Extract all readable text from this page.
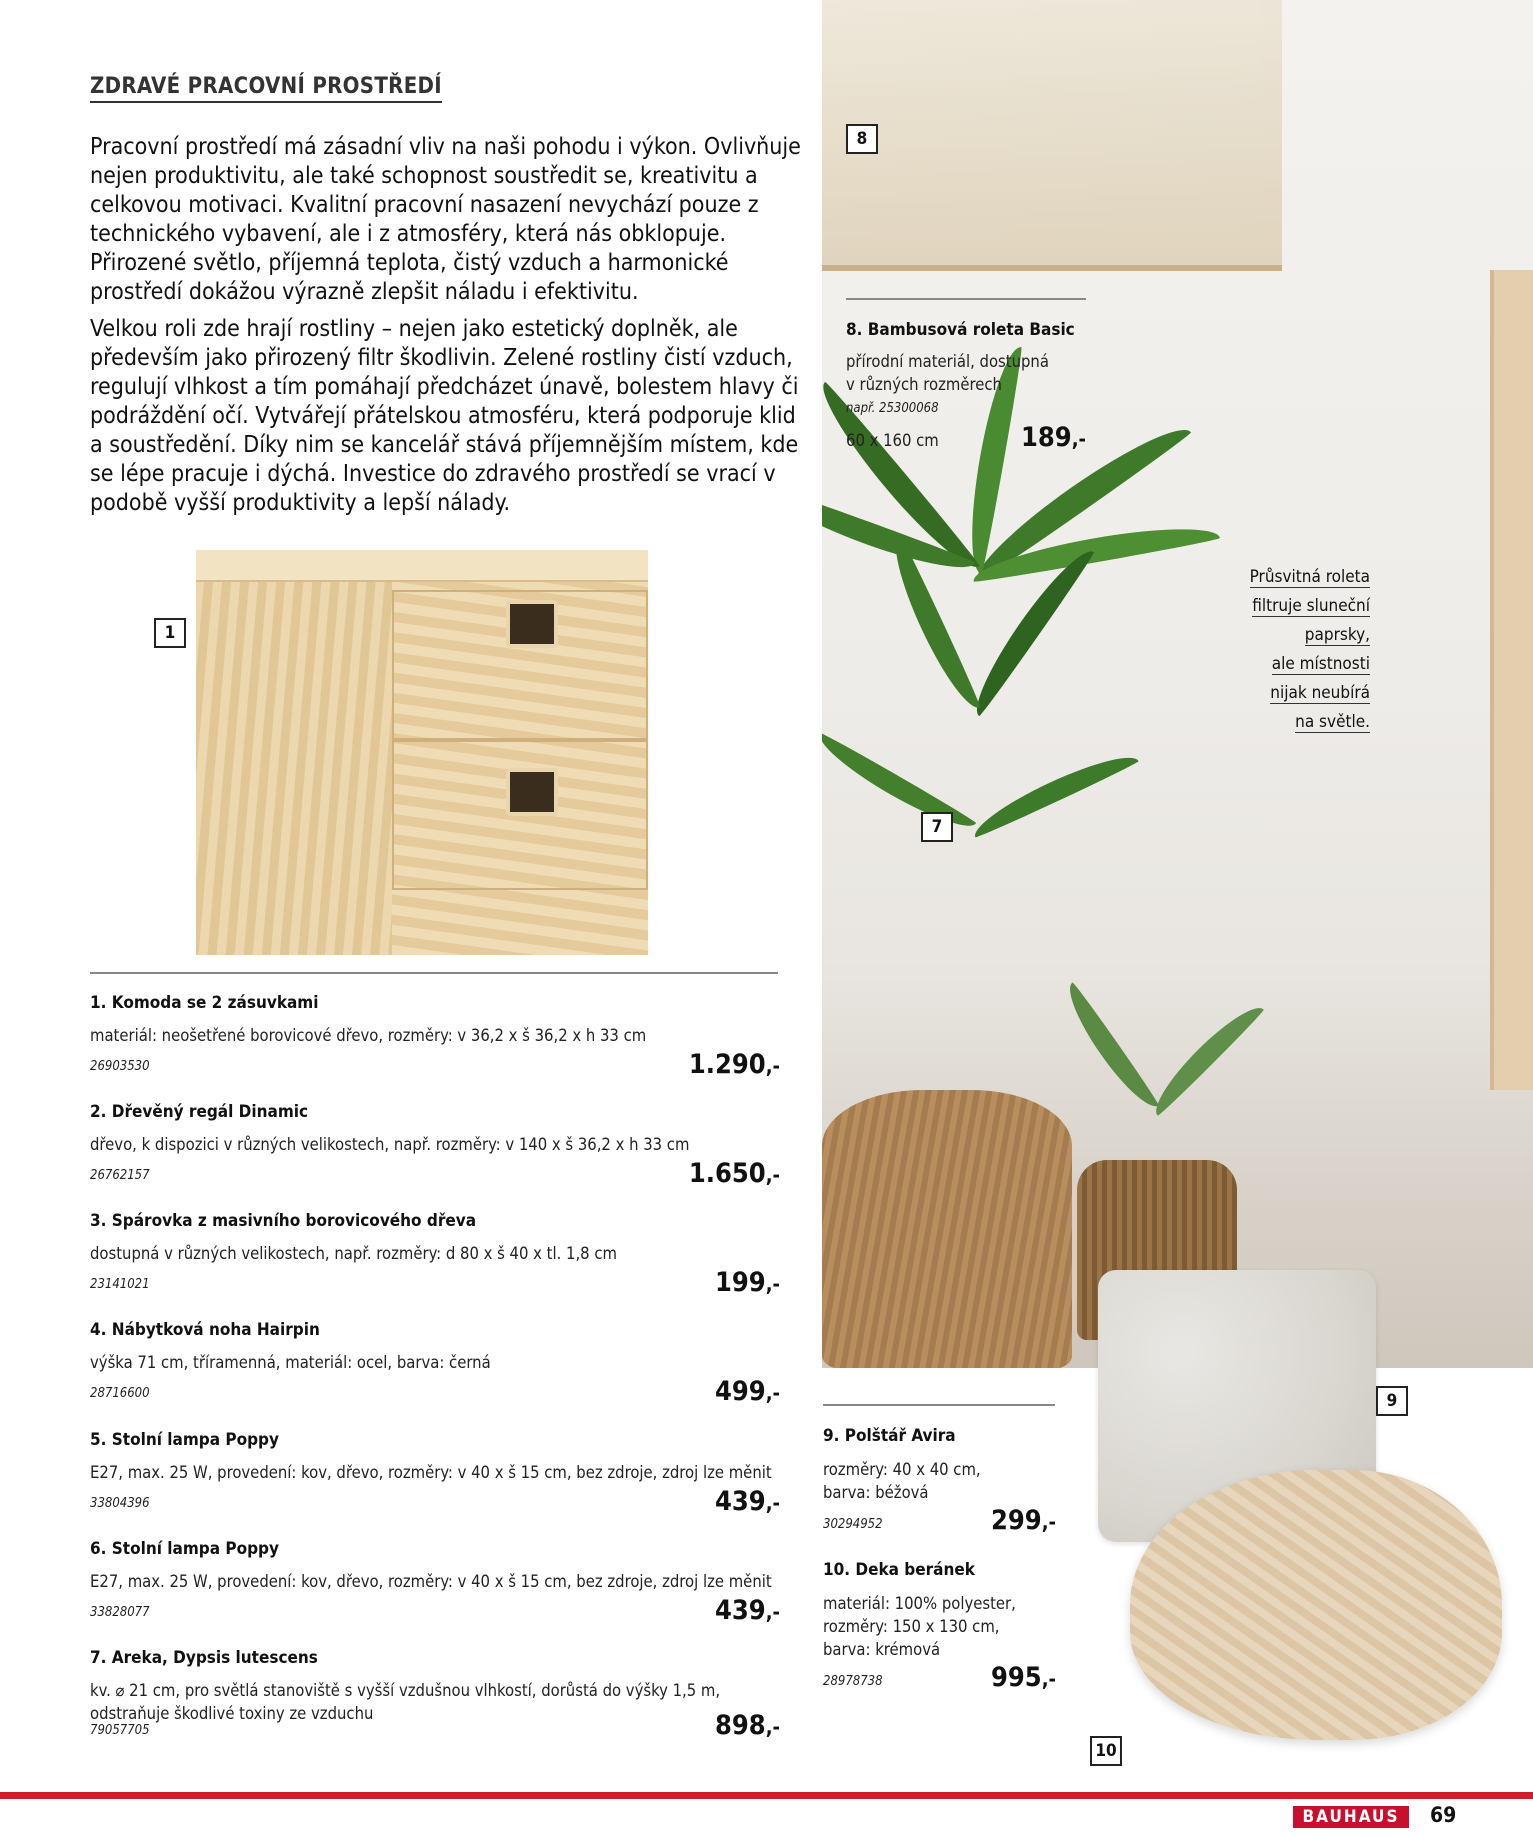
ZDRAVÉ PRACOVNÍ PROSTŘEDÍ

Pracovní prostředí má zásadní vliv na naši pohodu i výkon. Ovlivňuje nejen produktivitu, ale také schopnost soustředit se, kreativitu a celkovou motivaci. Kvalitní pracovní nasazení nevychází pouze z technického vybavení, ale i z atmosféry, která nás obklopuje. Přirozené světlo, příjemná teplota, čistý vzduch a harmonické prostředí dokážou výrazně zlepšit náladu i efektivitu.

Velkou roli zde hrají rostliny – nejen jako estetický doplněk, ale především jako přirozený filtr škodlivin. Zelené rostliny čistí vzduch, regulují vlhkost a tím pomáhají předcházet únavě, bolestem hlavy či podráždění očí. Vytvářejí přátelskou atmosféru, která podporuje klid a soustředění. Díky nim se kancelář stává příjemnějším místem, kde se lépe pracuje i dýchá. Investice do zdravého prostředí se vrací v podobě vyšší produktivity a lepší nálady.

1
8
7
9
10
Průsvitná roleta
filtruje sluneční
paprsky,
ale místnosti
nijak neubírá
na světle.
8. Bambusová roleta Basic
přírodní materiál, dostupná
v různých rozměrech
např. 25300068
60 x 160 cm	189,-
1. Komoda se 2 zásuvkami
materiál: neošetřené borovicové dřevo, rozměry: v 36,2 x š 36,2 x h 33 cm
26903530	1.290,-
2. Dřevěný regál Dinamic
dřevo, k dispozici v různých velikostech, např. rozměry: v 140 x š 36,2 x h 33 cm
26762157	1.650,-
3. Spárovka z masivního borovicového dřeva
dostupná v různých velikostech, např. rozměry: d 80 x š 40 x tl. 1,8 cm
23141021	199,-
4. Nábytková noha Hairpin
výška 71 cm, tříramenná, materiál: ocel, barva: černá
28716600	499,-
5. Stolní lampa Poppy
E27, max. 25 W, provedení: kov, dřevo, rozměry: v 40 x š 15 cm, bez zdroje, zdroj lze měnit
33804396	439,-
6. Stolní lampa Poppy
E27, max. 25 W, provedení: kov, dřevo, rozměry: v 40 x š 15 cm, bez zdroje, zdroj lze měnit
33828077	439,-
7. Areka, Dypsis lutescens
kv. ⌀ 21 cm, pro světlá stanoviště s vyšší vzdušnou vlhkostí, dorůstá do výšky 1,5 m, odstraňuje škodlivé toxiny ze vzduchu
79057705	898,-
9. Polštář Avira
rozměry: 40 x 40 cm,
barva: béžová
30294952	299,-
10. Deka beránek
materiál: 100% polyester,
rozměry: 150 x 130 cm,
barva: krémová
28978738	995,-
BAUHAUS	69
